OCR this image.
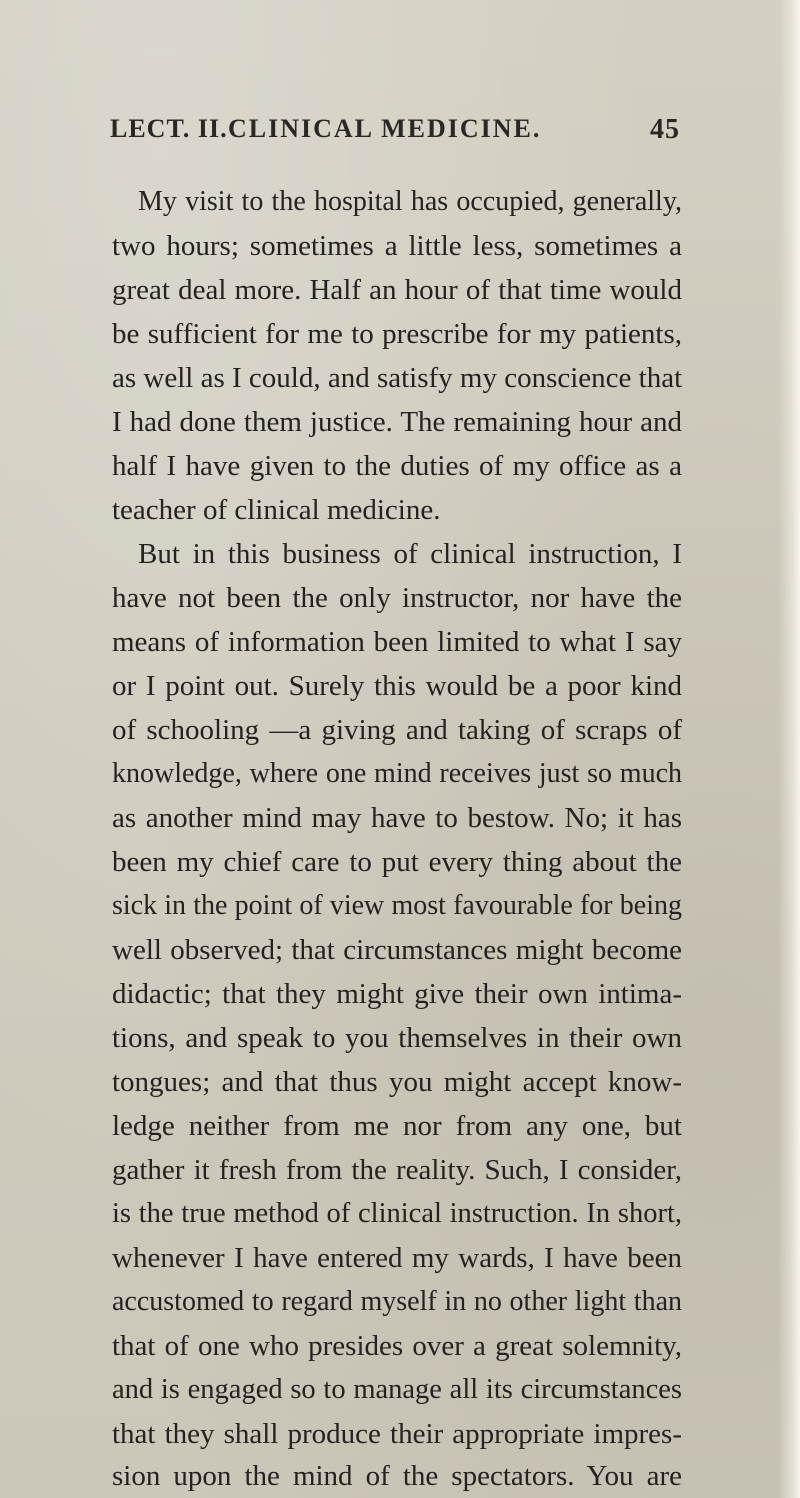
LECT. II. CLINICAL MEDICINE.	45
My visit to the hospital has occupied, generally,
two hours; sometimes a little less, sometimes a
great deal more. Half an hour of that time would
be sufficient for me to prescribe for my patients,
as well as I could, and satisfy my conscience that
I had done them justice. The remaining hour and
half I have given to the duties of my office as a
teacher of clinical medicine.
But in this business of clinical instruction, I
have not been the only instructor, nor have the
means of information been limited to what I say
or I point out. Surely this would be a poor kind
of schooling —a giving and taking of scraps of
knowledge, where one mind receives just so much
as another mind may have to bestow. No; it has
been my chief care to put every thing about the
sick in the point of view most favourable for being
well observed; that circumstances might become
didactic; that they might give their own intima-
tions, and speak to you themselves in their own
tongues; and that thus you might accept know-
ledge neither from me nor from any one, but
gather it fresh from the reality. Such, I consider,
is the true method of clinical instruction. In short,
whenever I have entered my wards, I have been
accustomed to regard myself in no other light than
that of one who presides over a great solemnity,
and is engaged so to manage all its circumstances
that they shall produce their appropriate impres-
sion upon the mind of the spectators. You are
